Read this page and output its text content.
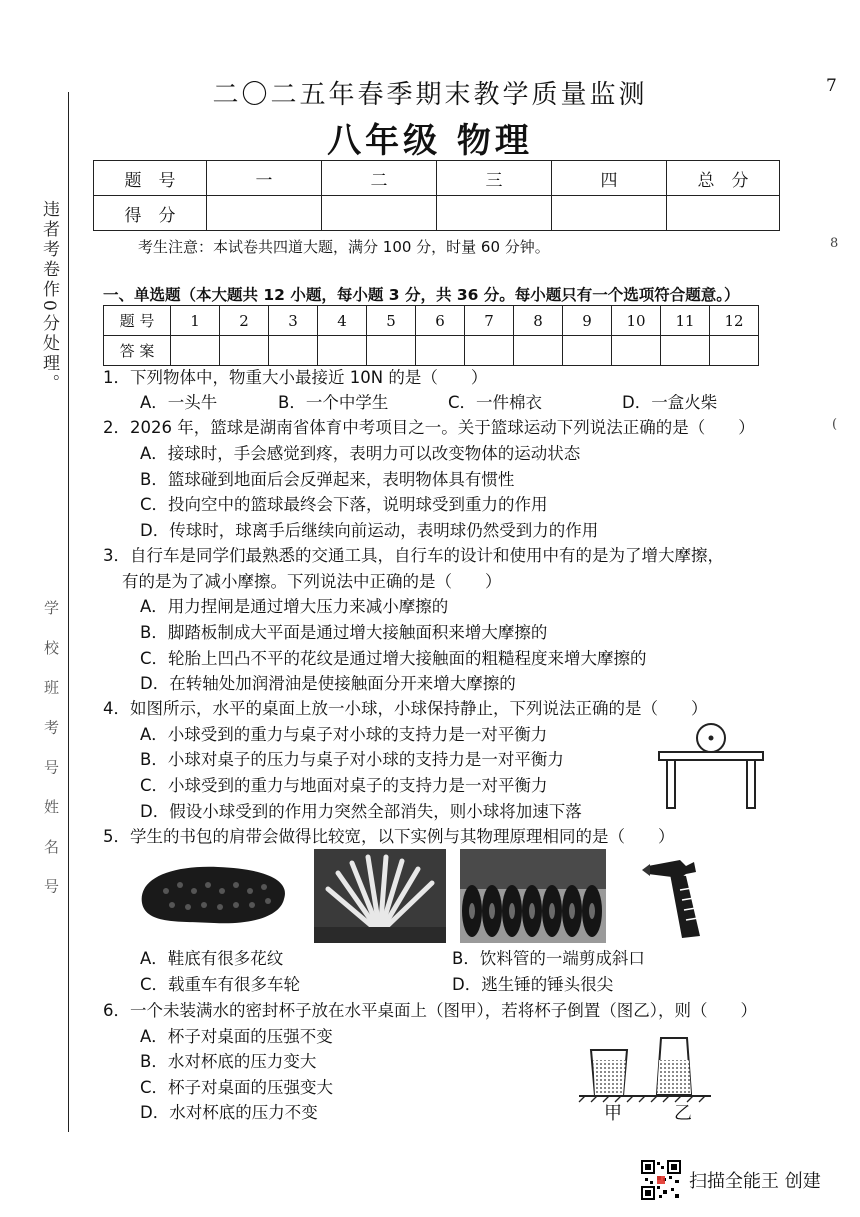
违者考卷作0分处理。
学 校 班 考 号 姓 名 号
7
8
(
二〇二五年春季期末教学质量监测
八年级 物理
题　号	一	二	三	四	总　分
得　分					
考生注意：本试卷共四道大题，满分 100 分，时量 60 分钟。
一、单选题（本大题共 12 小题，每小题 3 分，共 36 分。每小题只有一个选项符合题意。）
题 号	1	2	3	4	5	6	7	8	9	10	11	12
答 案												
1．下列物体中，物重大小最接近 10N 的是（　　）
A．一头牛	B．一个中学生	C．一件棉衣	D．一盒火柴
2．2026 年，篮球是湖南省体育中考项目之一。关于篮球运动下列说法正确的是（　　）
A．接球时，手会感觉到疼，表明力可以改变物体的运动状态
B．篮球碰到地面后会反弹起来，表明物体具有惯性
C．投向空中的篮球最终会下落，说明球受到重力的作用
D．传球时，球离手后继续向前运动，表明球仍然受到力的作用
3．自行车是同学们最熟悉的交通工具，自行车的设计和使用中有的是为了增大摩擦，
有的是为了减小摩擦。下列说法中正确的是（　　）
A．用力捏闸是通过增大压力来减小摩擦的
B．脚踏板制成大平面是通过增大接触面积来增大摩擦的
C．轮胎上凹凸不平的花纹是通过增大接触面的粗糙程度来增大摩擦的
D．在转轴处加润滑油是使接触面分开来增大摩擦的
4．如图所示，水平的桌面上放一小球，小球保持静止，下列说法正确的是（　　）
A．小球受到的重力与桌子对小球的支持力是一对平衡力
B．小球对桌子的压力与桌子对小球的支持力是一对平衡力
C．小球受到的重力与地面对桌子的支持力是一对平衡力
D．假设小球受到的作用力突然全部消失，则小球将加速下落
5．学生的书包的肩带会做得比较宽，以下实例与其物理原理相同的是（　　）
A．鞋底有很多花纹	B．饮料管的一端剪成斜口
C．载重车有很多车轮	D．逃生锤的锤头很尖
6．一个未装满水的密封杯子放在水平桌面上（图甲），若将杯子倒置（图乙），则（　　）
A．杯子对桌面的压强不变
B．水对杯底的压力变大
C．杯子对桌面的压强变大
D．水对杯底的压力不变	甲	乙
扫描全能王 创建
